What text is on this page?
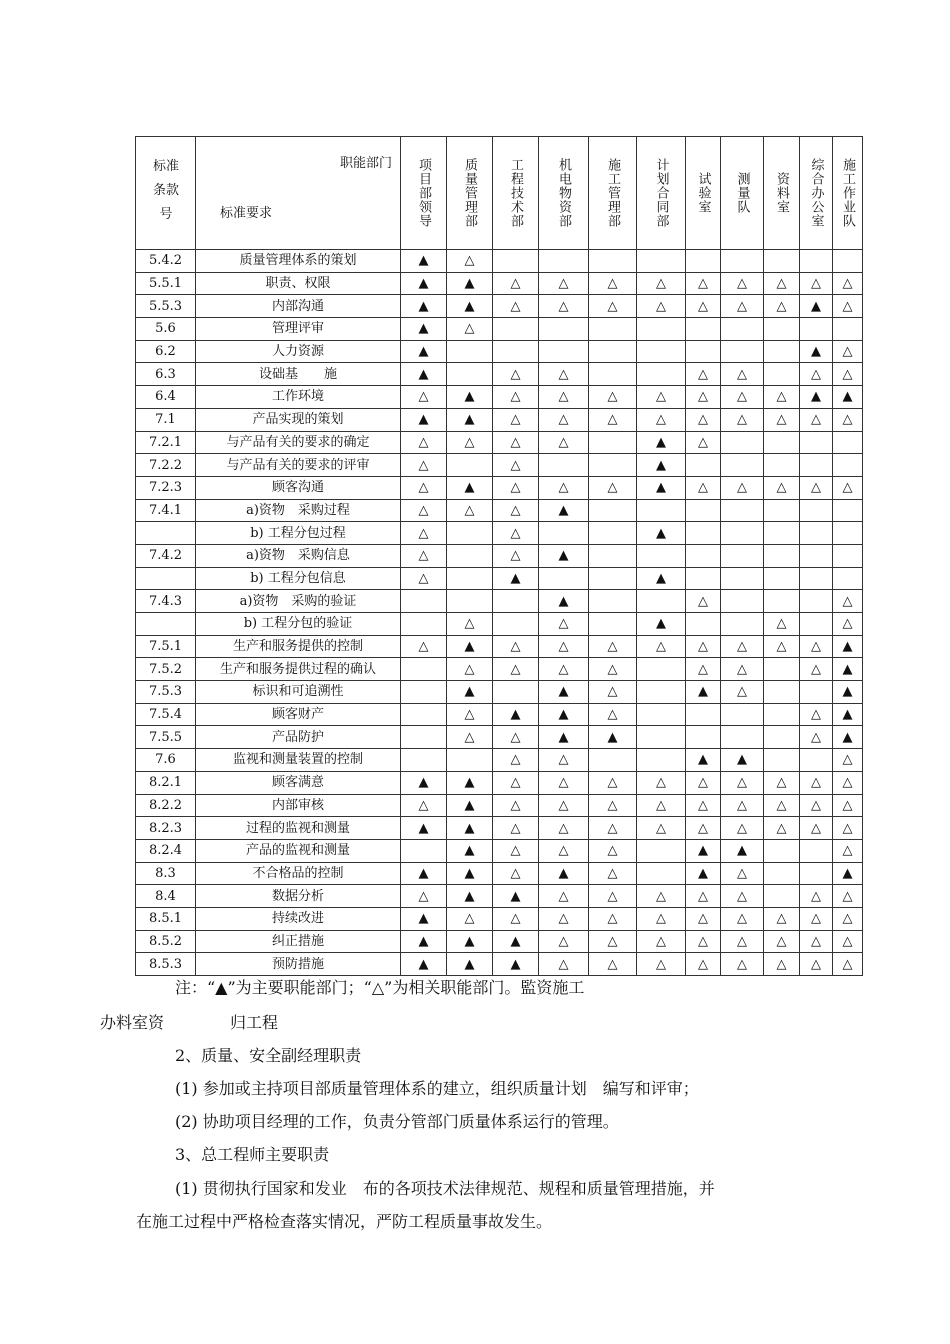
标准
条款
号	职能部门
标准要求	项目部领导	质量管理部	工程技术部	机电物资部	施工管理部	计划合同部	试验室	测量队	资料室	综合办公室	施工作业队

5.4.2	质量管理体系的策划	▲	△									
5.5.1	职责、权限	▲	▲	△	△	△	△	△	△	△	△	△
5.5.3	内部沟通	▲	▲	△	△	△	△	△	△	△	▲	△
5.6	管理评审	▲	△									
6.2	人力资源	▲									▲	△
6.3	设础基　　施	▲		△	△			△	△		△	△
6.4	工作环境	△	▲	△	△	△	△	△	△	△	▲	▲
7.1	产品实现的策划	▲	▲	△	△	△	△	△	△	△	△	△
7.2.1	与产品有关的要求的确定	△	△	△	△		▲	△				
7.2.2	与产品有关的要求的评审	△		△			▲					
7.2.3	顾客沟通	△	▲	△	△	△	▲	△	△	△	△	△
7.4.1	a)资物　采购过程	△	△	△	▲							
	b) 工程分包过程	△		△			▲					
7.4.2	a)资物　采购信息	△		△	▲							
	b) 工程分包信息	△		▲			▲					
7.4.3	a)资物　采购的验证				▲			△				△
	b) 工程分包的验证		△		△		▲			△		△
7.5.1	生产和服务提供的控制	△	▲	△	△	△	△	△	△	△	△	▲
7.5.2	生产和服务提供过程的确认		△	△	△	△		△	△		△	▲
7.5.3	标识和可追溯性		▲		▲	△		▲	△			▲
7.5.4	顾客财产		△	▲	▲	△					△	▲
7.5.5	产品防护		△	△	▲	▲					△	▲
7.6	监视和测量装置的控制			△	△			▲	▲			△
8.2.1	顾客满意	▲	▲	△	△	△	△	△	△	△	△	△
8.2.2	内部审核	△	▲	△	△	△	△	△	△	△	△	△
8.2.3	过程的监视和测量	▲	▲	△	△	△	△	△	△	△	△	△
8.2.4	产品的监视和测量		▲	△	△	△		▲	▲			△
8.3	不合格品的控制	▲	▲	△	▲	△		▲	△			▲
8.4	数据分析	△	▲	▲	△	△	△	△	△		△	△
8.5.1	持续改进	▲	△	△	△	△	△	△	△	△	△	△
8.5.2	纠正措施	▲	▲	▲	△	△	△	△	△	△	△	△
8.5.3	预防措施	▲	▲	▲	△	△	△	△	△	△	△	△
注：“▲”为主要职能部门；“△”为相关职能部门。監资施工
办料室资	归工程
2、质量、安全副经理职责
(1) 参加或主持项目部质量管理体系的建立，组织质量计划　编写和评审；
(2) 协助项目经理的工作，负责分管部门质量体系运行的管理。
3、总工程师主要职责
(1) 贯彻执行国家和发业　布的各项技术法律规范、规程和质量管理措施，并
在施工过程中严格检查落实情况，严防工程质量事故发生。
